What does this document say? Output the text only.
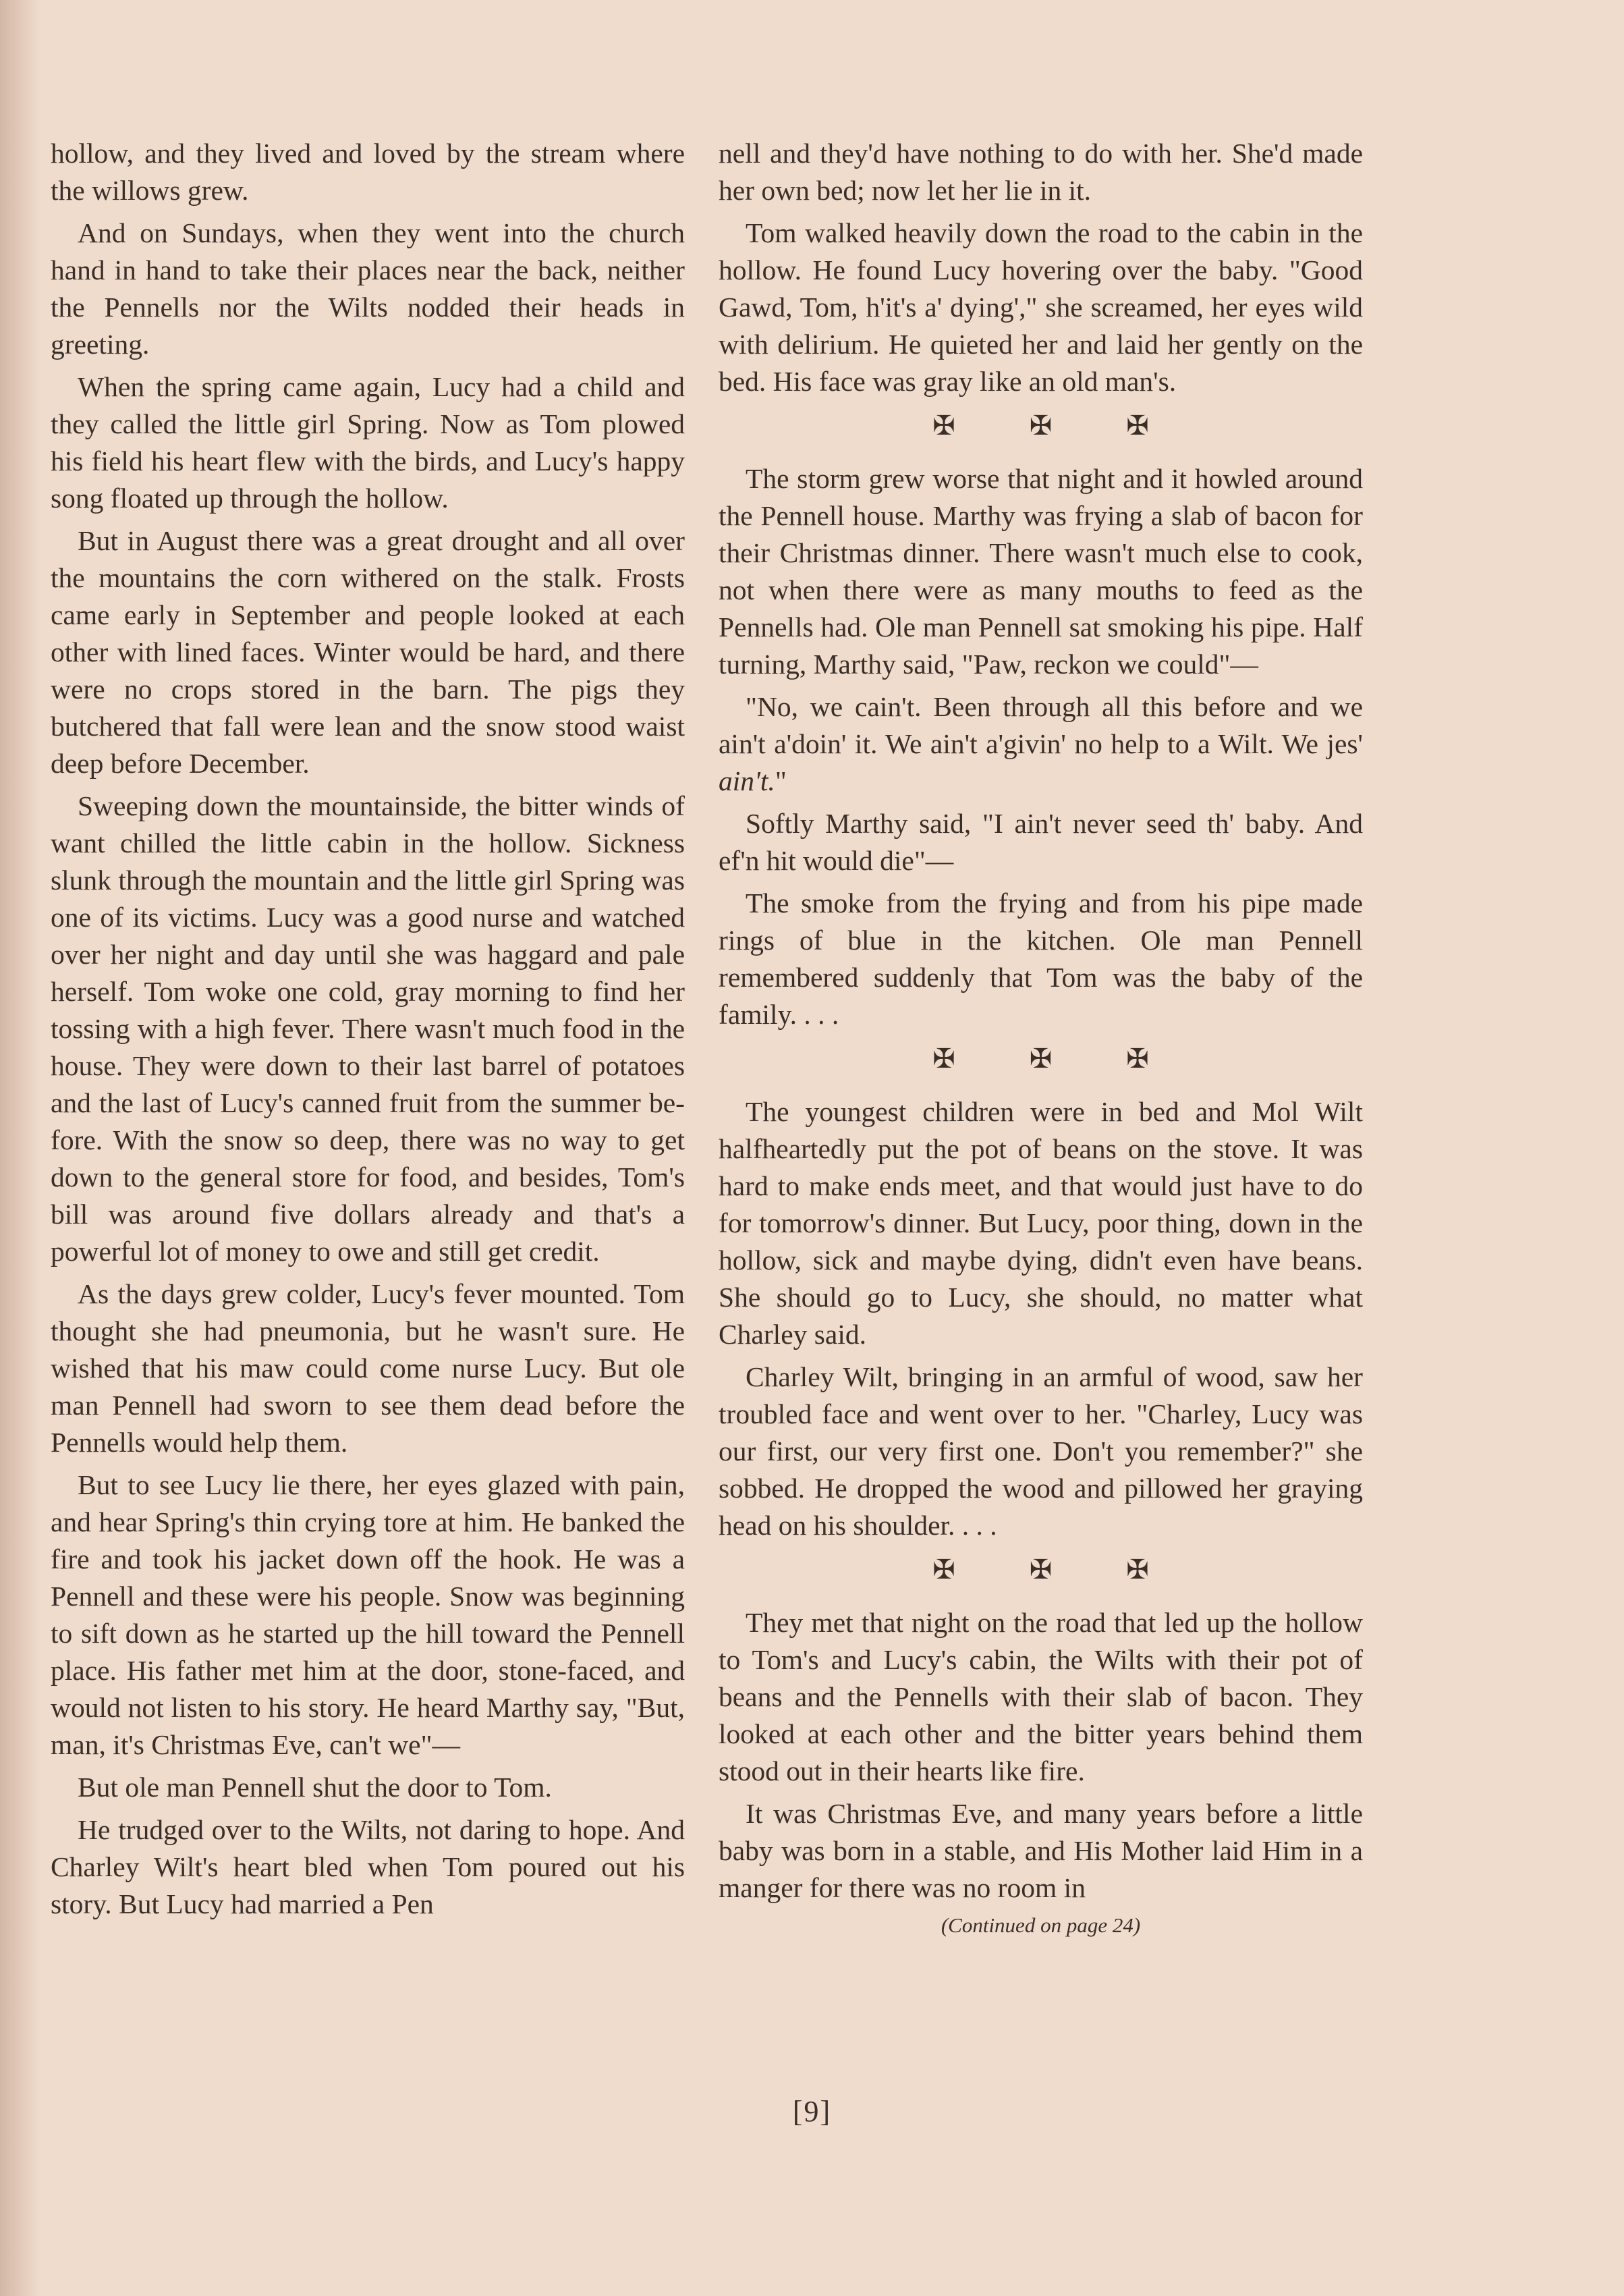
hollow, and they lived and loved by the stream where the willows grew.

And on Sundays, when they went into the church hand in hand to take their places near the back, neither the Pennells nor the Wilts nodded their heads in greeting.

When the spring came again, Lucy had a child and they called the little girl Spring. Now as Tom plowed his field his heart flew with the birds, and Lucy's happy song floated up through the hollow.

But in August there was a great drought and all over the mountains the corn withered on the stalk. Frosts came early in September and people looked at each other with lined faces. Winter would be hard, and there were no crops stored in the barn. The pigs they butchered that fall were lean and the snow stood waist deep before December.

Sweeping down the mountainside, the bitter winds of want chilled the little cabin in the hollow. Sickness slunk through the mountain and the little girl Spring was one of its victims. Lucy was a good nurse and watched over her night and day until she was haggard and pale herself. Tom woke one cold, gray morning to find her tossing with a high fever. There wasn't much food in the house. They were down to their last barrel of potatoes and the last of Lucy's canned fruit from the summer before. With the snow so deep, there was no way to get down to the general store for food, and besides, Tom's bill was around five dollars already and that's a powerful lot of money to owe and still get credit.

As the days grew colder, Lucy's fever mounted. Tom thought she had pneumonia, but he wasn't sure. He wished that his maw could come nurse Lucy. But ole man Pennell had sworn to see them dead before the Pennells would help them.

But to see Lucy lie there, her eyes glazed with pain, and hear Spring's thin crying tore at him. He banked the fire and took his jacket down off the hook. He was a Pennell and these were his people. Snow was beginning to sift down as he started up the hill toward the Pennell place. His father met him at the door, stone-faced, and would not listen to his story. He heard Marthy say, "But, man, it's Christmas Eve, can't we"—

But ole man Pennell shut the door to Tom.

He trudged over to the Wilts, not daring to hope. And Charley Wilt's heart bled when Tom poured out his story. But Lucy had married a Pen

nell and they'd have nothing to do with her. She'd made her own bed; now let her lie in it.

Tom walked heavily down the road to the cabin in the hollow. He found Lucy hovering over the baby. "Good Gawd, Tom, h'it's a' dying'," she screamed, her eyes wild with delirium. He quieted her and laid her gently on the bed. His face was gray like an old man's.

✠ ✠ ✠

The storm grew worse that night and it howled around the Pennell house. Marthy was frying a slab of bacon for their Christmas dinner. There wasn't much else to cook, not when there were as many mouths to feed as the Pennells had. Ole man Pennell sat smoking his pipe. Half turning, Marthy said, "Paw, reckon we could"—

"No, we cain't. Been through all this before and we ain't a'doin' it. We ain't a'givin' no help to a Wilt. We jes' ain't."

Softly Marthy said, "I ain't never seed th' baby. And ef'n hit would die"—

The smoke from the frying and from his pipe made rings of blue in the kitchen. Ole man Pennell remembered suddenly that Tom was the baby of the family. . . .

✠ ✠ ✠

The youngest children were in bed and Mol Wilt halfheartedly put the pot of beans on the stove. It was hard to make ends meet, and that would just have to do for tomorrow's dinner. But Lucy, poor thing, down in the hollow, sick and maybe dying, didn't even have beans. She should go to Lucy, she should, no matter what Charley said.

Charley Wilt, bringing in an armful of wood, saw her troubled face and went over to her. "Charley, Lucy was our first, our very first one. Don't you remember?" she sobbed. He dropped the wood and pillowed her graying head on his shoulder. . . .

✠ ✠ ✠

They met that night on the road that led up the hollow to Tom's and Lucy's cabin, the Wilts with their pot of beans and the Pennells with their slab of bacon. They looked at each other and the bitter years behind them stood out in their hearts like fire.

It was Christmas Eve, and many years before a little baby was born in a stable, and His Mother laid Him in a manger for there was no room in

(Continued on page 24)
[9]
